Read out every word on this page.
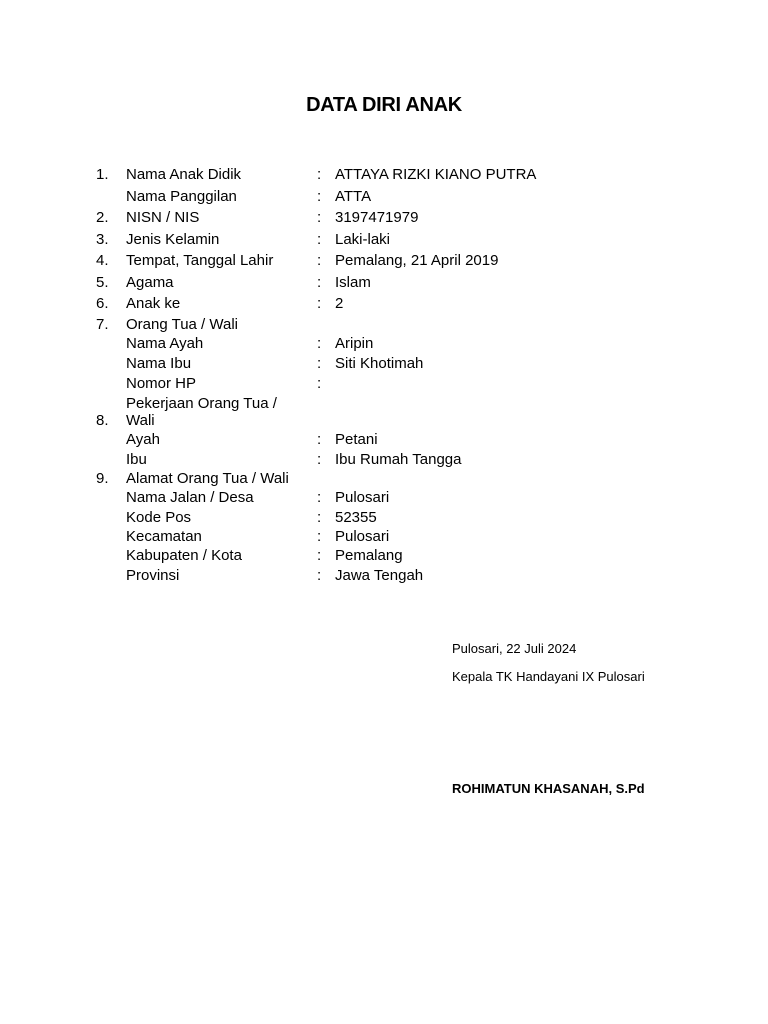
DATA DIRI ANAK
1. Nama Anak Didik	: ATTAYA RIZKI KIANO PUTRA
Nama Panggilan	: ATTA
2. NISN / NIS	: 3197471979
3. Jenis Kelamin	: Laki-laki
4. Tempat, Tanggal Lahir	: Pemalang, 21 April 2019
5. Agama	: Islam
6. Anak ke	: 2
7. Orang Tua / Wali
Nama Ayah	: Aripin
Nama Ibu	: Siti Khotimah
Nomor HP	:
8.
Pekerjaan Orang Tua / Wali
Ayah	: Petani
Ibu	: Ibu Rumah Tangga
9. Alamat Orang Tua / Wali
Nama Jalan / Desa	: Pulosari
Kode Pos	: 52355
Kecamatan	: Pulosari
Kabupaten / Kota	: Pemalang
Provinsi	: Jawa Tengah
Pulosari, 22 Juli 2024
Kepala TK Handayani IX Pulosari
ROHIMATUN KHASANAH, S.Pd
